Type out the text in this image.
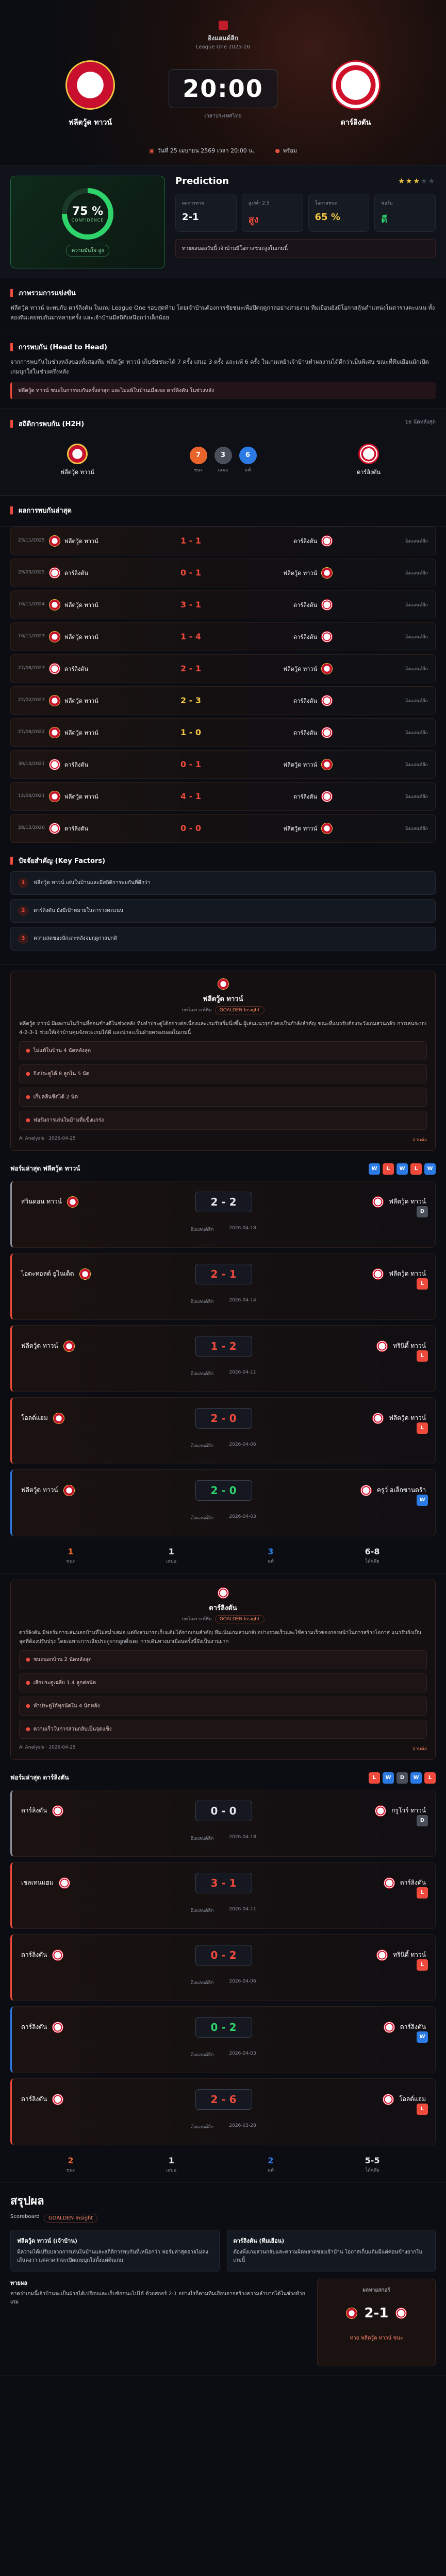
อิงแลนด์ลีก
League One 2025-26
ฟลีตวู้ด ทาวน์
20:00
เวลาประเทศไทย
ดาร์ลิงตัน
▣ วันที่ 25 เมษายน 2569 เวลา 20:00 น.	● พร้อม
75 %
CONFIDENCE
ความมั่นใจ สูง
Prediction	★★★★★
ผลการทาย
2-1
สูง/ต่ำ 2.5
สูง
โอกาสชนะ
65 %
ฟอร์ม
ดี
ทายผลบอลวันนี้ เจ้าบ้านมีโอกาสชนะสูงในเกมนี้
▌ ภาพรวมการแข่งขัน
ฟลีตวู้ด ทาวน์ จะพบกับ ดาร์ลิงตัน ในเกม League One รอบสุดท้าย โดยเจ้าบ้านต้องการชัยชนะเพื่อปิดฤดูกาลอย่างสวยงาม ทีมเยือนยังมีโอกาสลุ้นตำแหน่งในตารางคะแนน ทั้งสองทีมเคยพบกันมาหลายครั้ง และเจ้าบ้านมีสถิติเหนือกว่าเล็กน้อย
▌ การพบกัน (Head to Head)
จากการพบกันในช่วงหลังของทั้งสองทีม ฟลีตวู้ด ทาวน์ เก็บชัยชนะได้ 7 ครั้ง เสมอ 3 ครั้ง และแพ้ 6 ครั้ง ในเกมเหย้าเจ้าบ้านทำผลงานได้ดีกว่าเป็นพิเศษ ขณะที่ทีมเยือนมักเปิดเกมบุกใส่ในช่วงครึ่งหลัง
ฟลีตวู้ด ทาวน์ ชนะในการพบกันครั้งล่าสุด และไม่แพ้ในบ้านเมื่อเจอ ดาร์ลิงตัน ในช่วงหลัง
▌ สถิติการพบกัน (H2H)	16 นัดหลังสุด
ฟลีตวู้ด ทาวน์
7
ชนะ
3
เสมอ
6
แพ้	ดาร์ลิงตัน
▌ ผลการพบกันล่าสุด
23/11/2025	ฟลีตวู้ด ทาวน์	1 - 1	ดาร์ลิงตัน	อิงแลนด์ลีก
29/03/2025	ดาร์ลิงตัน	0 - 1	ฟลีตวู้ด ทาวน์	อิงแลนด์ลีก
16/11/2024	ฟลีตวู้ด ทาวน์	3 - 1	ดาร์ลิงตัน	อิงแลนด์ลีก
16/11/2023	ฟลีตวู้ด ทาวน์	1 - 4	ดาร์ลิงตัน	อิงแลนด์ลีก
27/08/2023	ดาร์ลิงตัน	2 - 1	ฟลีตวู้ด ทาวน์	อิงแลนด์ลีก
22/02/2023	ฟลีตวู้ด ทาวน์	2 - 3	ดาร์ลิงตัน	อิงแลนด์ลีก
27/08/2022	ฟลีตวู้ด ทาวน์	1 - 0	ดาร์ลิงตัน	อิงแลนด์ลีก
30/10/2021	ดาร์ลิงตัน	0 - 1	ฟลีตวู้ด ทาวน์	อิงแลนด์ลีก
12/04/2021	ฟลีตวู้ด ทาวน์	4 - 1	ดาร์ลิงตัน	อิงแลนด์ลีก
28/12/2020	ดาร์ลิงตัน	0 - 0	ฟลีตวู้ด ทาวน์	อิงแลนด์ลีก
▌ ปัจจัยสำคัญ (Key Factors)
1	ฟลีตวู้ด ทาวน์ เล่นในบ้านและมีสถิติการพบกันที่ดีกว่า
2	ดาร์ลิงตัน ยังมีเป้าหมายในตารางคะแนน
3	ความสดของนักเตะหลังจบฤดูกาลปกติ
ฟลีตวู้ด ทาวน์
บทวิเคราะห์ทีม GOALDEN Insight
ฟลีตวู้ด ทาวน์ มีผลงานในบ้านที่ค่อนข้างดีในช่วงหลัง ทีมทำประตูได้อย่างต่อเนื่องและเกมรับเริ่มนิ่งขึ้น ผู้เล่นแนวรุกยังคงเป็นกำลังสำคัญ ขณะที่แนวรับต้องระวังเกมสวนกลับ การเล่นระบบ 4-2-3-1 ช่วยให้เจ้าบ้านคุมจังหวะเกมได้ดี และน่าจะเป็นฝ่ายครองบอลในเกมนี้
● ไม่แพ้ในบ้าน 4 นัดหลังสุด
● ยิงประตูได้ 8 ลูกใน 5 นัด
● เก็บคลีนชีตได้ 2 นัด
● ฟอร์มการเล่นในบ้านที่แข็งแกร่ง
AI Analysis · 2026-04-25	อ่านต่อ
ฟอร์มล่าสุด ฟลีตวู้ด ทาวน์	W	L	W	L	W
สวินดอน ทาวน์	2 - 2	ฟลีตวู้ด ทาวน์
อิงแลนด์ลีก	2026-04-18
D
ไอดะทอลด์ ยูไนเต็ด	2 - 1	ฟลีตวู้ด ทาวน์
อิงแลนด์ลีก	2026-04-14
L
ฟลีตวู้ด ทาวน์	1 - 2	ทรินิตี้ ทาวน์
อิงแลนด์ลีก	2026-04-11
L
โอลด์แฮม	2 - 0	ฟลีตวู้ด ทาวน์
อิงแลนด์ลีก	2026-04-06
L
ฟลีตวู้ด ทาวน์	2 - 0	ครูว์ อเล็กซานดร้า
อิงแลนด์ลีก	2026-04-03
W
1
ชนะ
1
เสมอ
3
แพ้
6-8
ได้/เสีย
ดาร์ลิงตัน
บทวิเคราะห์ทีม GOALDEN Insight
ดาร์ลิงตัน มีฟอร์มการเล่นนอกบ้านที่ไม่สม่ำเสมอ แต่ยังสามารถเก็บแต้มได้จากเกมสำคัญ ทีมเน้นเกมสวนกลับอย่างรวดเร็วและใช้ความเร็วของกองหน้าในการสร้างโอกาส แนวรับยังเป็นจุดที่ต้องปรับปรุง โดยเฉพาะการเสียประตูจากลูกตั้งเตะ การเดินทางมาเยือนครั้งนี้จึงเป็นงานยาก
● ชนะนอกบ้าน 2 นัดหลังสุด
● เสียประตูเฉลี่ย 1.4 ลูกต่อนัด
● ทำประตูได้ทุกนัดใน 4 นัดหลัง
● ความเร็วในการสวนกลับเป็นจุดแข็ง
AI Analysis · 2026-04-25	อ่านต่อ
ฟอร์มล่าสุด ดาร์ลิงตัน	L	W	D	W	L
ดาร์ลิงตัน	0 - 0	กรูโวร์ ทาวน์
อิงแลนด์ลีก	2026-04-18
D
เชลเทนแฮม	3 - 1	ดาร์ลิงตัน
อิงแลนด์ลีก	2026-04-11
L
ดาร์ลิงตัน	0 - 2	ทรินิตี้ ทาวน์
อิงแลนด์ลีก	2026-04-06
L
ดาร์ลิงตัน	0 - 2	ดาร์ลิงตัน
อิงแลนด์ลีก	2026-04-03
W
ดาร์ลิงตัน	2 - 6	โอลด์แฮม
อิงแลนด์ลีก	2026-03-28
L
2
ชนะ
1
เสมอ
2
แพ้
5-5
ได้/เสีย
สรุปผล
Scoreboard	GOALDEN Insight
ฟลีตวู้ด ทาวน์ (เจ้าบ้าน)
มีความได้เปรียบจากการเล่นในบ้านและสถิติการพบกันที่เหนือกว่า ฟอร์มล่าสุดอาจไม่คงเส้นคงวา แต่คาดว่าจะเปิดเกมบุกใส่ตั้งแต่ต้นเกม
ดาร์ลิงตัน (ทีมเยือน)
ต้องพึ่งเกมสวนกลับและความผิดพลาดของเจ้าบ้าน โอกาสเก็บแต้มมีแต่ค่อนข้างยากในเกมนี้
ทายผล
คาดว่าเกมนี้เจ้าบ้านจะเป็นฝ่ายได้เปรียบและเก็บชัยชนะไปได้ ด้วยสกอร์ 2-1 อย่างไรก็ตามทีมเยือนอาจสร้างความลำบากได้ในช่วงท้ายเกม
ผลทายสกอร์
2-1
ทาย ฟลีตวู้ด ทาวน์ ชนะ
